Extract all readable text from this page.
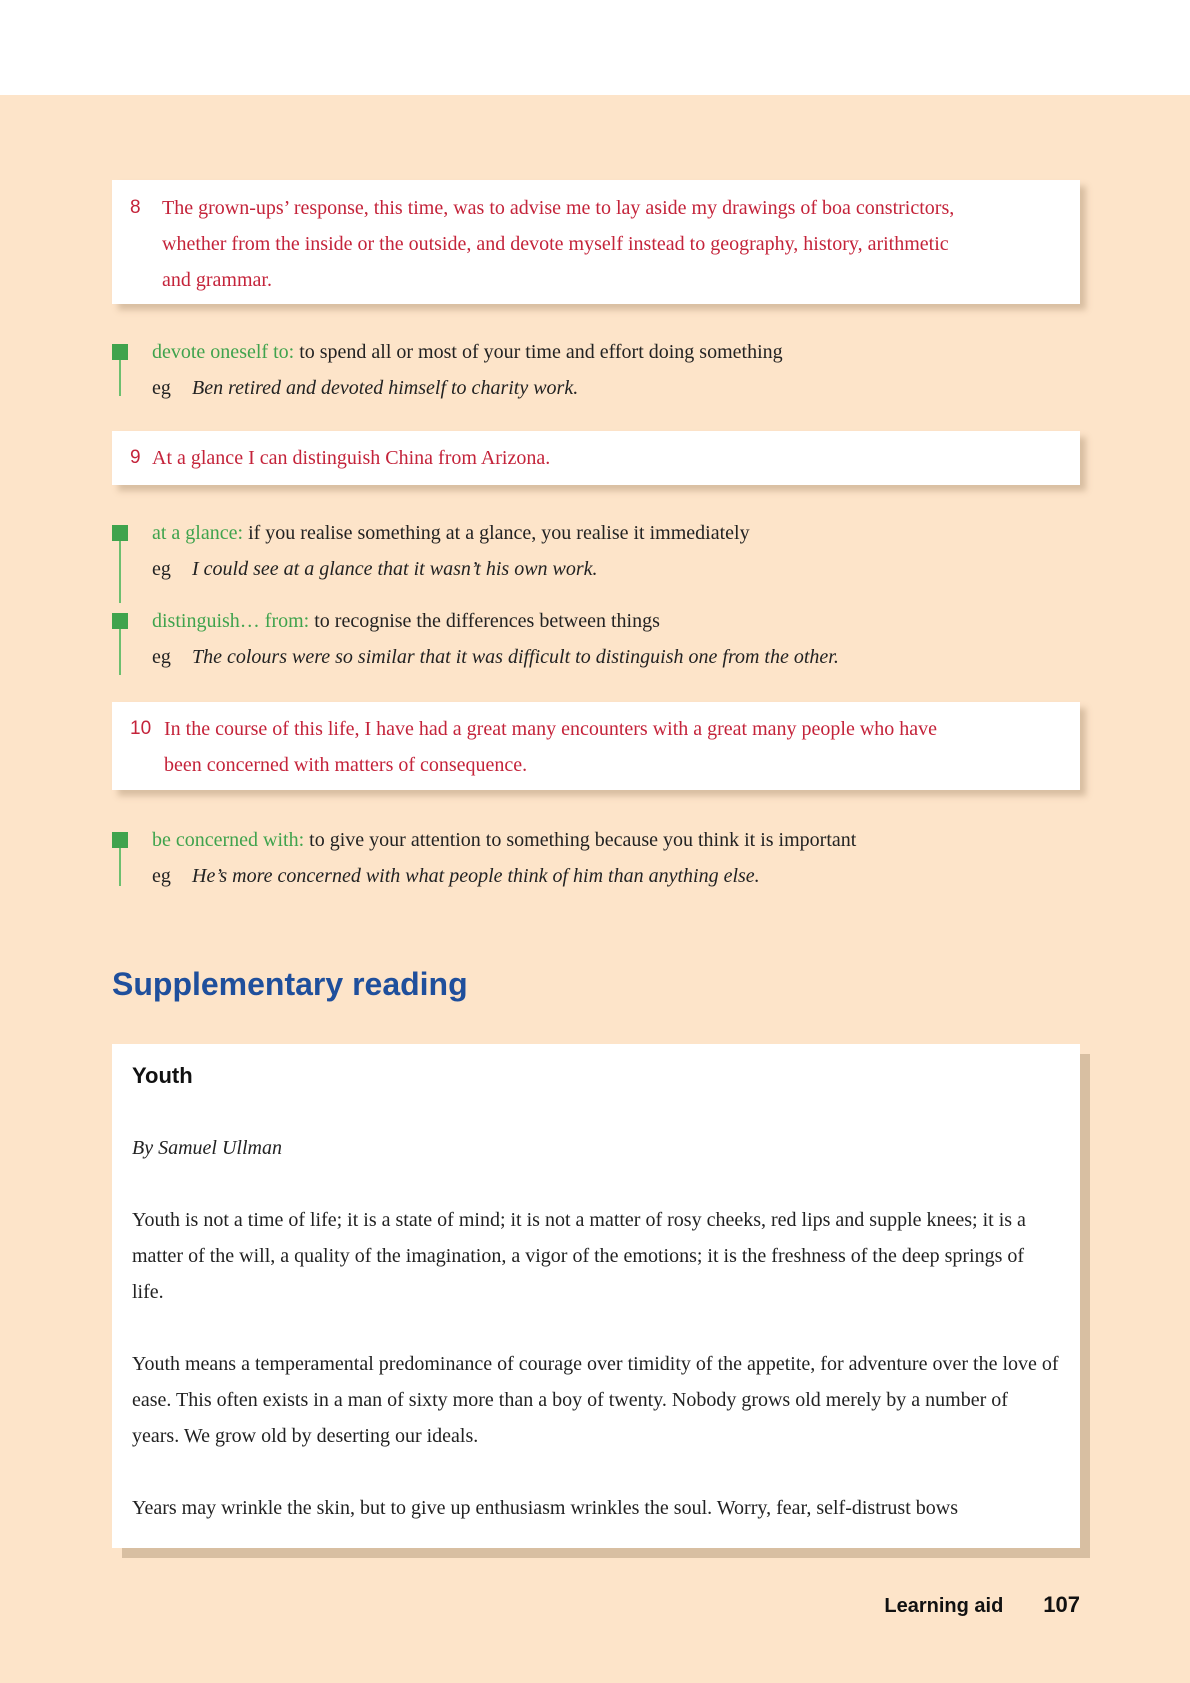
8 The grown-ups’ response, this time, was to advise me to lay aside my drawings of boa constrictors,
whether from the inside or the outside, and devote myself instead to geography, history, arithmetic
and grammar.
devote oneself to: to spend all or most of your time and effort doing something
eg Ben retired and devoted himself to charity work.
9 At a glance I can distinguish China from Arizona.
at a glance: if you realise something at a glance, you realise it immediately
eg I could see at a glance that it wasn’t his own work.
distinguish… from: to recognise the differences between things
eg The colours were so similar that it was difficult to distinguish one from the other.
10 In the course of this life, I have had a great many encounters with a great many people who have
been concerned with matters of consequence.
be concerned with: to give your attention to something because you think it is important
eg He’s more concerned with what people think of him than anything else.
Supplementary reading

Youth

By Samuel Ullman

Youth is not a time of life; it is a state of mind; it is not a matter of rosy cheeks, red lips and supple knees; it is a matter of the will, a quality of the imagination, a vigor of the emotions; it is the freshness of the deep springs of life.

Youth means a temperamental predominance of courage over timidity of the appetite, for adventure over the love of ease. This often exists in a man of sixty more than a boy of twenty. Nobody grows old merely by a number of years. We grow old by deserting our ideals.

Years may wrinkle the skin, but to give up enthusiasm wrinkles the soul. Worry, fear, self-distrust bows

Learning aid 107
